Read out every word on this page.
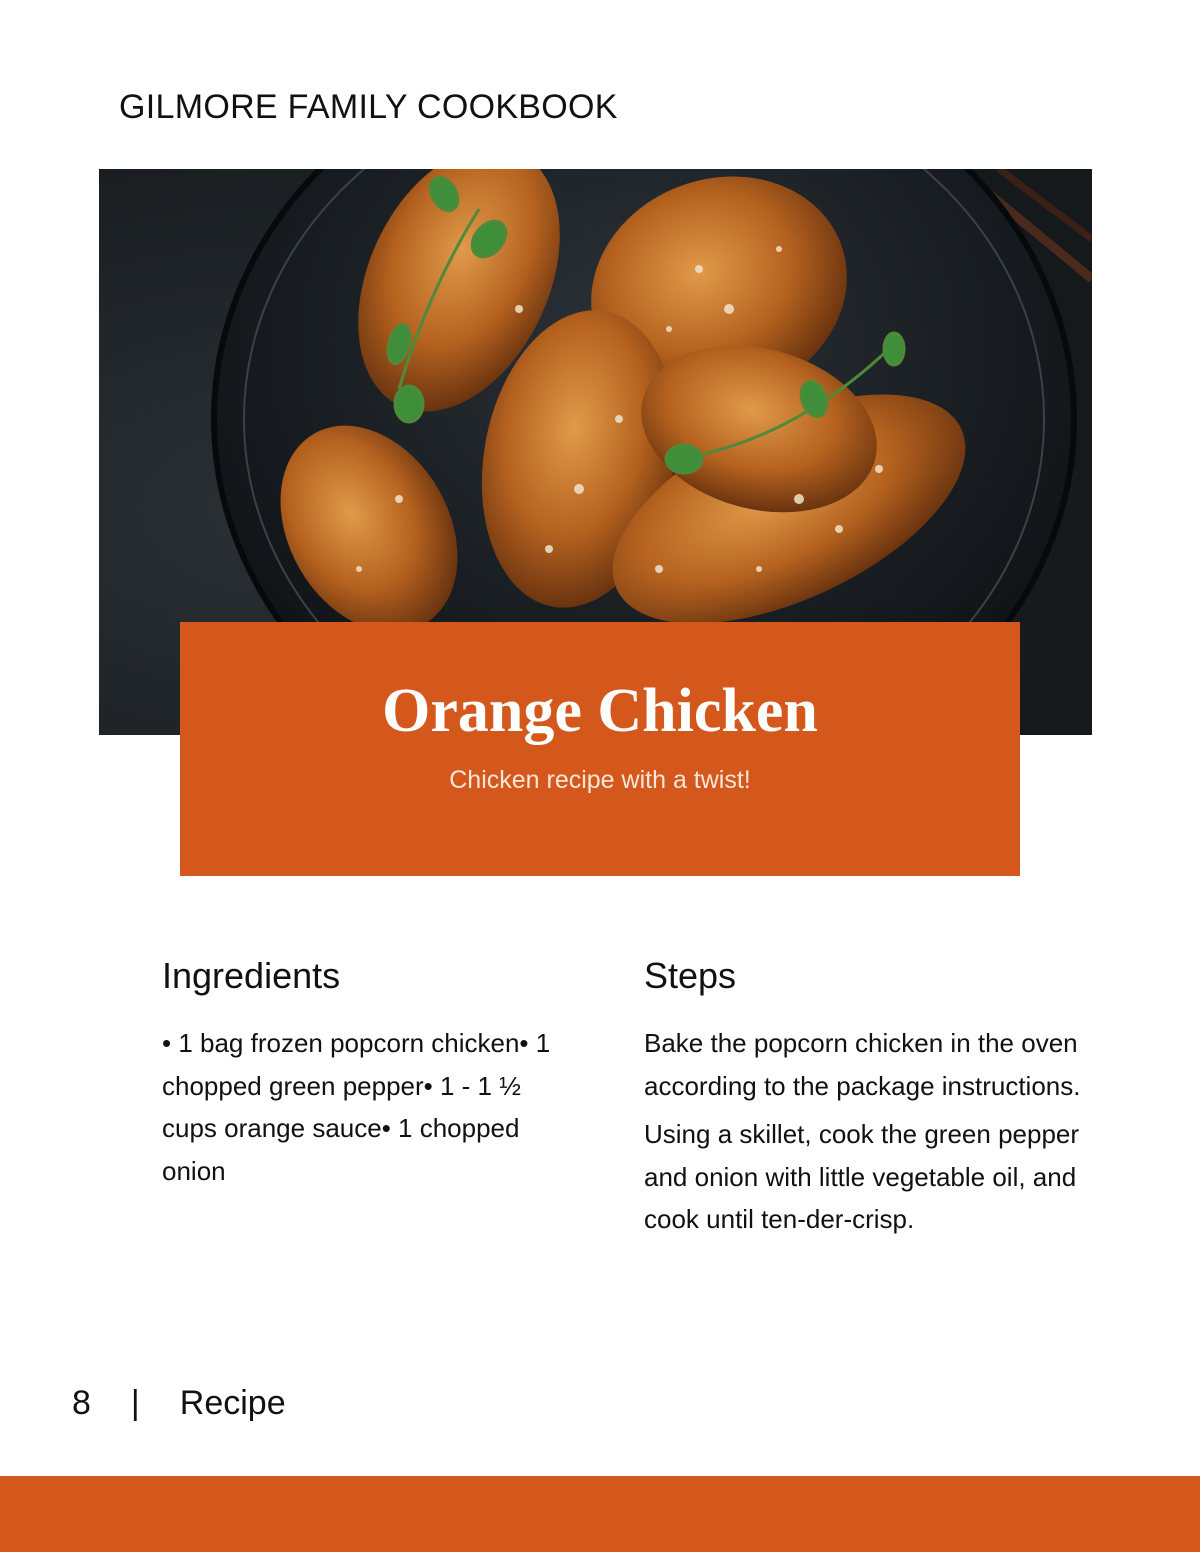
GILMORE FAMILY COOKBOOK
Orange Chicken
Chicken recipe with a twist!
Ingredients
• 1 bag frozen popcorn chicken• 1 chopped green pepper• 1 - 1 ½ cups orange sauce• 1 chopped onion
Steps

Bake the popcorn chicken in the oven according to the package instructions.

Using a skillet, cook the green pepper and onion with little vegetable oil, and cook until ten-der-crisp.

8 | Recipe
